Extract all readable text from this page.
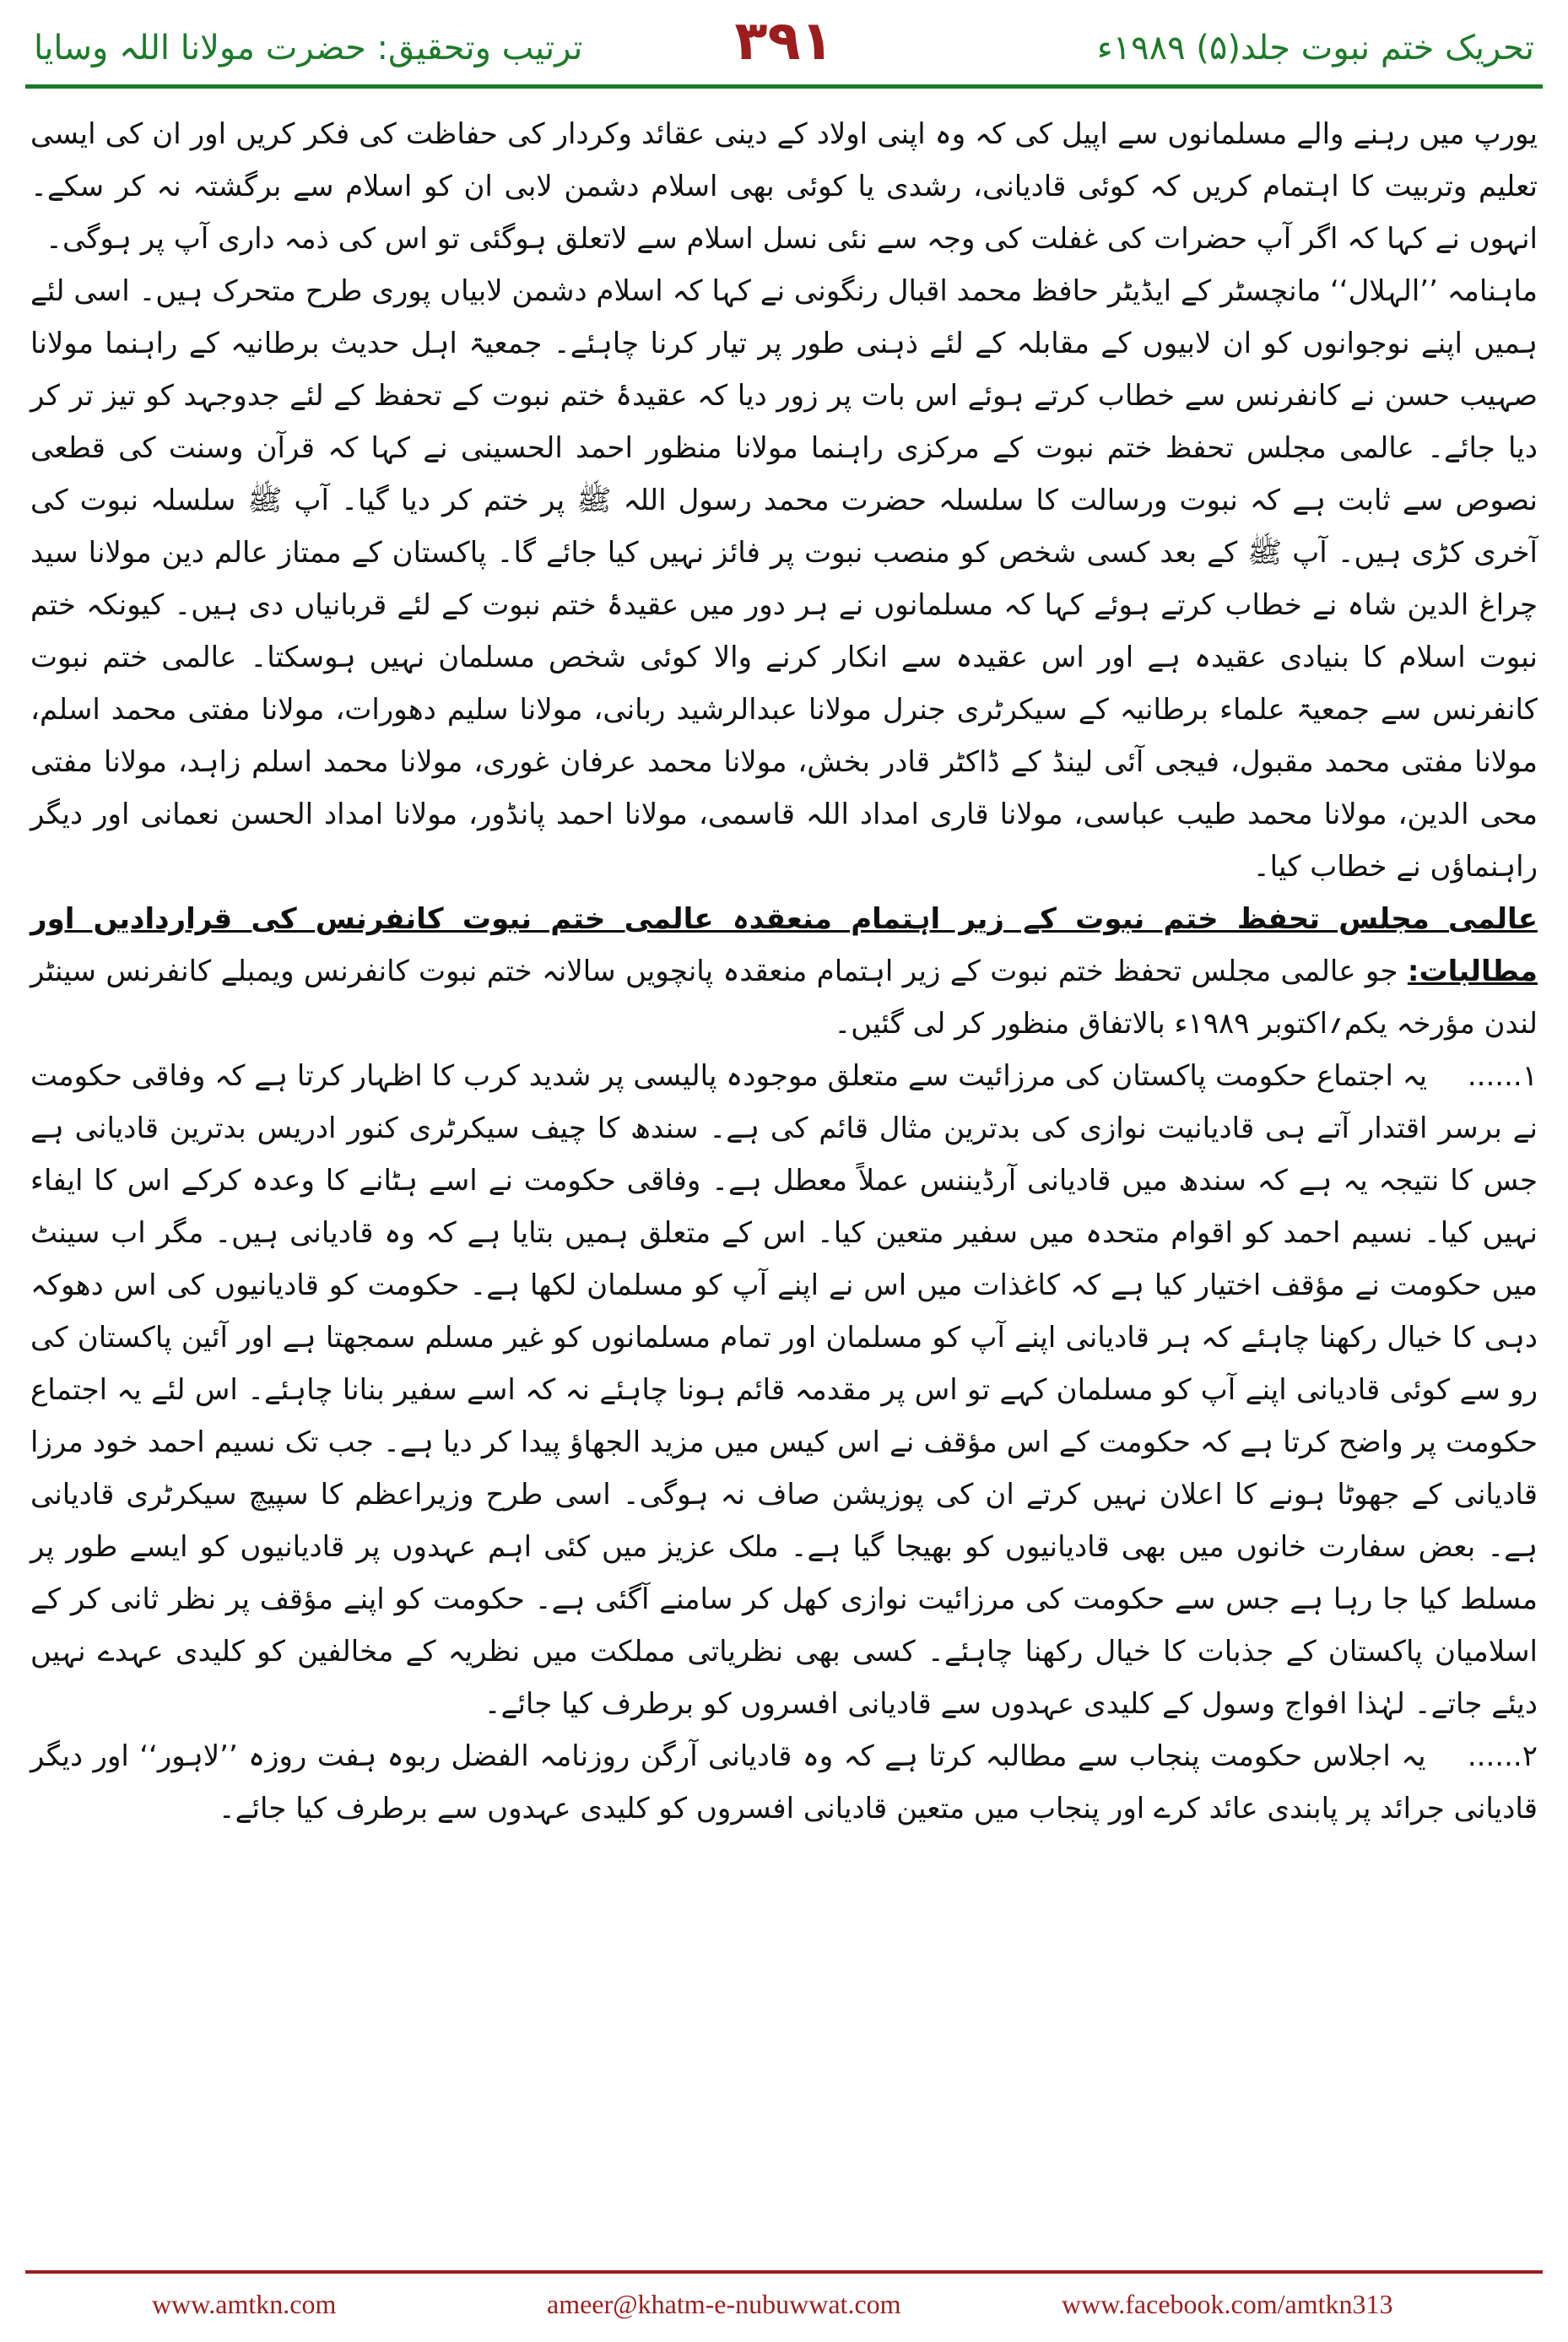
تحریک ختم نبوت جلد(۵) ۱۹۸۹ء
۳۹۱
ترتیب وتحقیق: حضرت مولانا اللہ وسایا

یورپ میں رہنے والے مسلمانوں سے اپیل کی کہ وہ اپنی اولاد کے دینی عقائد وکردار کی حفاظت کی فکر کریں اور ان کی ایسی تعلیم وتربیت کا اہتمام کریں کہ کوئی قادیانی، رشدی یا کوئی بھی اسلام دشمن لابی ان کو اسلام سے برگشتہ نہ کر سکے۔ انہوں نے کہا کہ اگر آپ حضرات کی غفلت کی وجہ سے نئی نسل اسلام سے لاتعلق ہوگئی تو اس کی ذمہ داری آپ پر ہوگی۔

ماہنامہ ’’الہلال‘‘ مانچسٹر کے ایڈیٹر حافظ محمد اقبال رنگونی نے کہا کہ اسلام دشمن لابیاں پوری طرح متحرک ہیں۔ اسی لئے ہمیں اپنے نوجوانوں کو ان لابیوں کے مقابلہ کے لئے ذہنی طور پر تیار کرنا چاہئے۔ جمعیۃ اہل حدیث برطانیہ کے راہنما مولانا صہیب حسن نے کانفرنس سے خطاب کرتے ہوئے اس بات پر زور دیا کہ عقیدۂ ختم نبوت کے تحفظ کے لئے جدوجہد کو تیز تر کر دیا جائے۔ عالمی مجلس تحفظ ختم نبوت کے مرکزی راہنما مولانا منظور احمد الحسینی نے کہا کہ قرآن وسنت کی قطعی نصوص سے ثابت ہے کہ نبوت ورسالت کا سلسلہ حضرت محمد رسول اللہ ﷺ پر ختم کر دیا گیا۔ آپ ﷺ سلسلہ نبوت کی آخری کڑی ہیں۔ آپ ﷺ کے بعد کسی شخص کو منصب نبوت پر فائز نہیں کیا جائے گا۔ پاکستان کے ممتاز عالم دین مولانا سید چراغ الدین شاہ نے خطاب کرتے ہوئے کہا کہ مسلمانوں نے ہر دور میں عقیدۂ ختم نبوت کے لئے قربانیاں دی ہیں۔ کیونکہ ختم نبوت اسلام کا بنیادی عقیدہ ہے اور اس عقیدہ سے انکار کرنے والا کوئی شخص مسلمان نہیں ہوسکتا۔ عالمی ختم نبوت کانفرنس سے جمعیۃ علماء برطانیہ کے سیکرٹری جنرل مولانا عبدالرشید ربانی، مولانا سلیم دھورات، مولانا مفتی محمد اسلم، مولانا مفتی محمد مقبول، فیجی آئی لینڈ کے ڈاکٹر قادر بخش، مولانا محمد عرفان غوری، مولانا محمد اسلم زاہد، مولانا مفتی محی الدین، مولانا محمد طیب عباسی، مولانا قاری امداد اللہ قاسمی، مولانا احمد پانڈور، مولانا امداد الحسن نعمانی اور دیگر راہنماؤں نے خطاب کیا۔

عالمی مجلس تحفظ ختم نبوت کے زیر اہتمام منعقدہ عالمی ختم نبوت کانفرنس کی قراردادیں اور مطالبات: جو عالمی مجلس تحفظ ختم نبوت کے زیر اہتمام منعقدہ پانچویں سالانہ ختم نبوت کانفرنس ویمبلے کانفرنس سینٹر لندن مؤرخہ یکم؍اکتوبر ۱۹۸۹ء بالاتفاق منظور کر لی گئیں۔

۱...... یہ اجتماع حکومت پاکستان کی مرزائیت سے متعلق موجودہ پالیسی پر شدید کرب کا اظہار کرتا ہے کہ وفاقی حکومت نے برسر اقتدار آتے ہی قادیانیت نوازی کی بدترین مثال قائم کی ہے۔ سندھ کا چیف سیکرٹری کنور ادریس بدترین قادیانی ہے جس کا نتیجہ یہ ہے کہ سندھ میں قادیانی آرڈیننس عملاً معطل ہے۔ وفاقی حکومت نے اسے ہٹانے کا وعدہ کرکے اس کا ایفاء نہیں کیا۔ نسیم احمد کو اقوام متحدہ میں سفیر متعین کیا۔ اس کے متعلق ہمیں بتایا ہے کہ وہ قادیانی ہیں۔ مگر اب سینٹ میں حکومت نے مؤقف اختیار کیا ہے کہ کاغذات میں اس نے اپنے آپ کو مسلمان لکھا ہے۔ حکومت کو قادیانیوں کی اس دھوکہ دہی کا خیال رکھنا چاہئے کہ ہر قادیانی اپنے آپ کو مسلمان اور تمام مسلمانوں کو غیر مسلم سمجھتا ہے اور آئین پاکستان کی رو سے کوئی قادیانی اپنے آپ کو مسلمان کہے تو اس پر مقدمہ قائم ہونا چاہئے نہ کہ اسے سفیر بنانا چاہئے۔ اس لئے یہ اجتماع حکومت پر واضح کرتا ہے کہ حکومت کے اس مؤقف نے اس کیس میں مزید الجھاؤ پیدا کر دیا ہے۔ جب تک نسیم احمد خود مرزا قادیانی کے جھوٹا ہونے کا اعلان نہیں کرتے ان کی پوزیشن صاف نہ ہوگی۔ اسی طرح وزیراعظم کا سپیچ سیکرٹری قادیانی ہے۔ بعض سفارت خانوں میں بھی قادیانیوں کو بھیجا گیا ہے۔ ملک عزیز میں کئی اہم عہدوں پر قادیانیوں کو ایسے طور پر مسلط کیا جا رہا ہے جس سے حکومت کی مرزائیت نوازی کھل کر سامنے آگئی ہے۔ حکومت کو اپنے مؤقف پر نظر ثانی کر کے اسلامیان پاکستان کے جذبات کا خیال رکھنا چاہئے۔ کسی بھی نظریاتی مملکت میں نظریہ کے مخالفین کو کلیدی عہدے نہیں دیئے جاتے۔ لہٰذا افواج وسول کے کلیدی عہدوں سے قادیانی افسروں کو برطرف کیا جائے۔

۲...... یہ اجلاس حکومت پنجاب سے مطالبہ کرتا ہے کہ وہ قادیانی آرگن روزنامہ الفضل ربوہ ہفت روزہ ’’لاہور‘‘ اور دیگر قادیانی جرائد پر پابندی عائد کرے اور پنجاب میں متعین قادیانی افسروں کو کلیدی عہدوں سے برطرف کیا جائے۔

www.amtkn.com	ameer@khatm-e-nubuwwat.com	www.facebook.com/amtkn313
